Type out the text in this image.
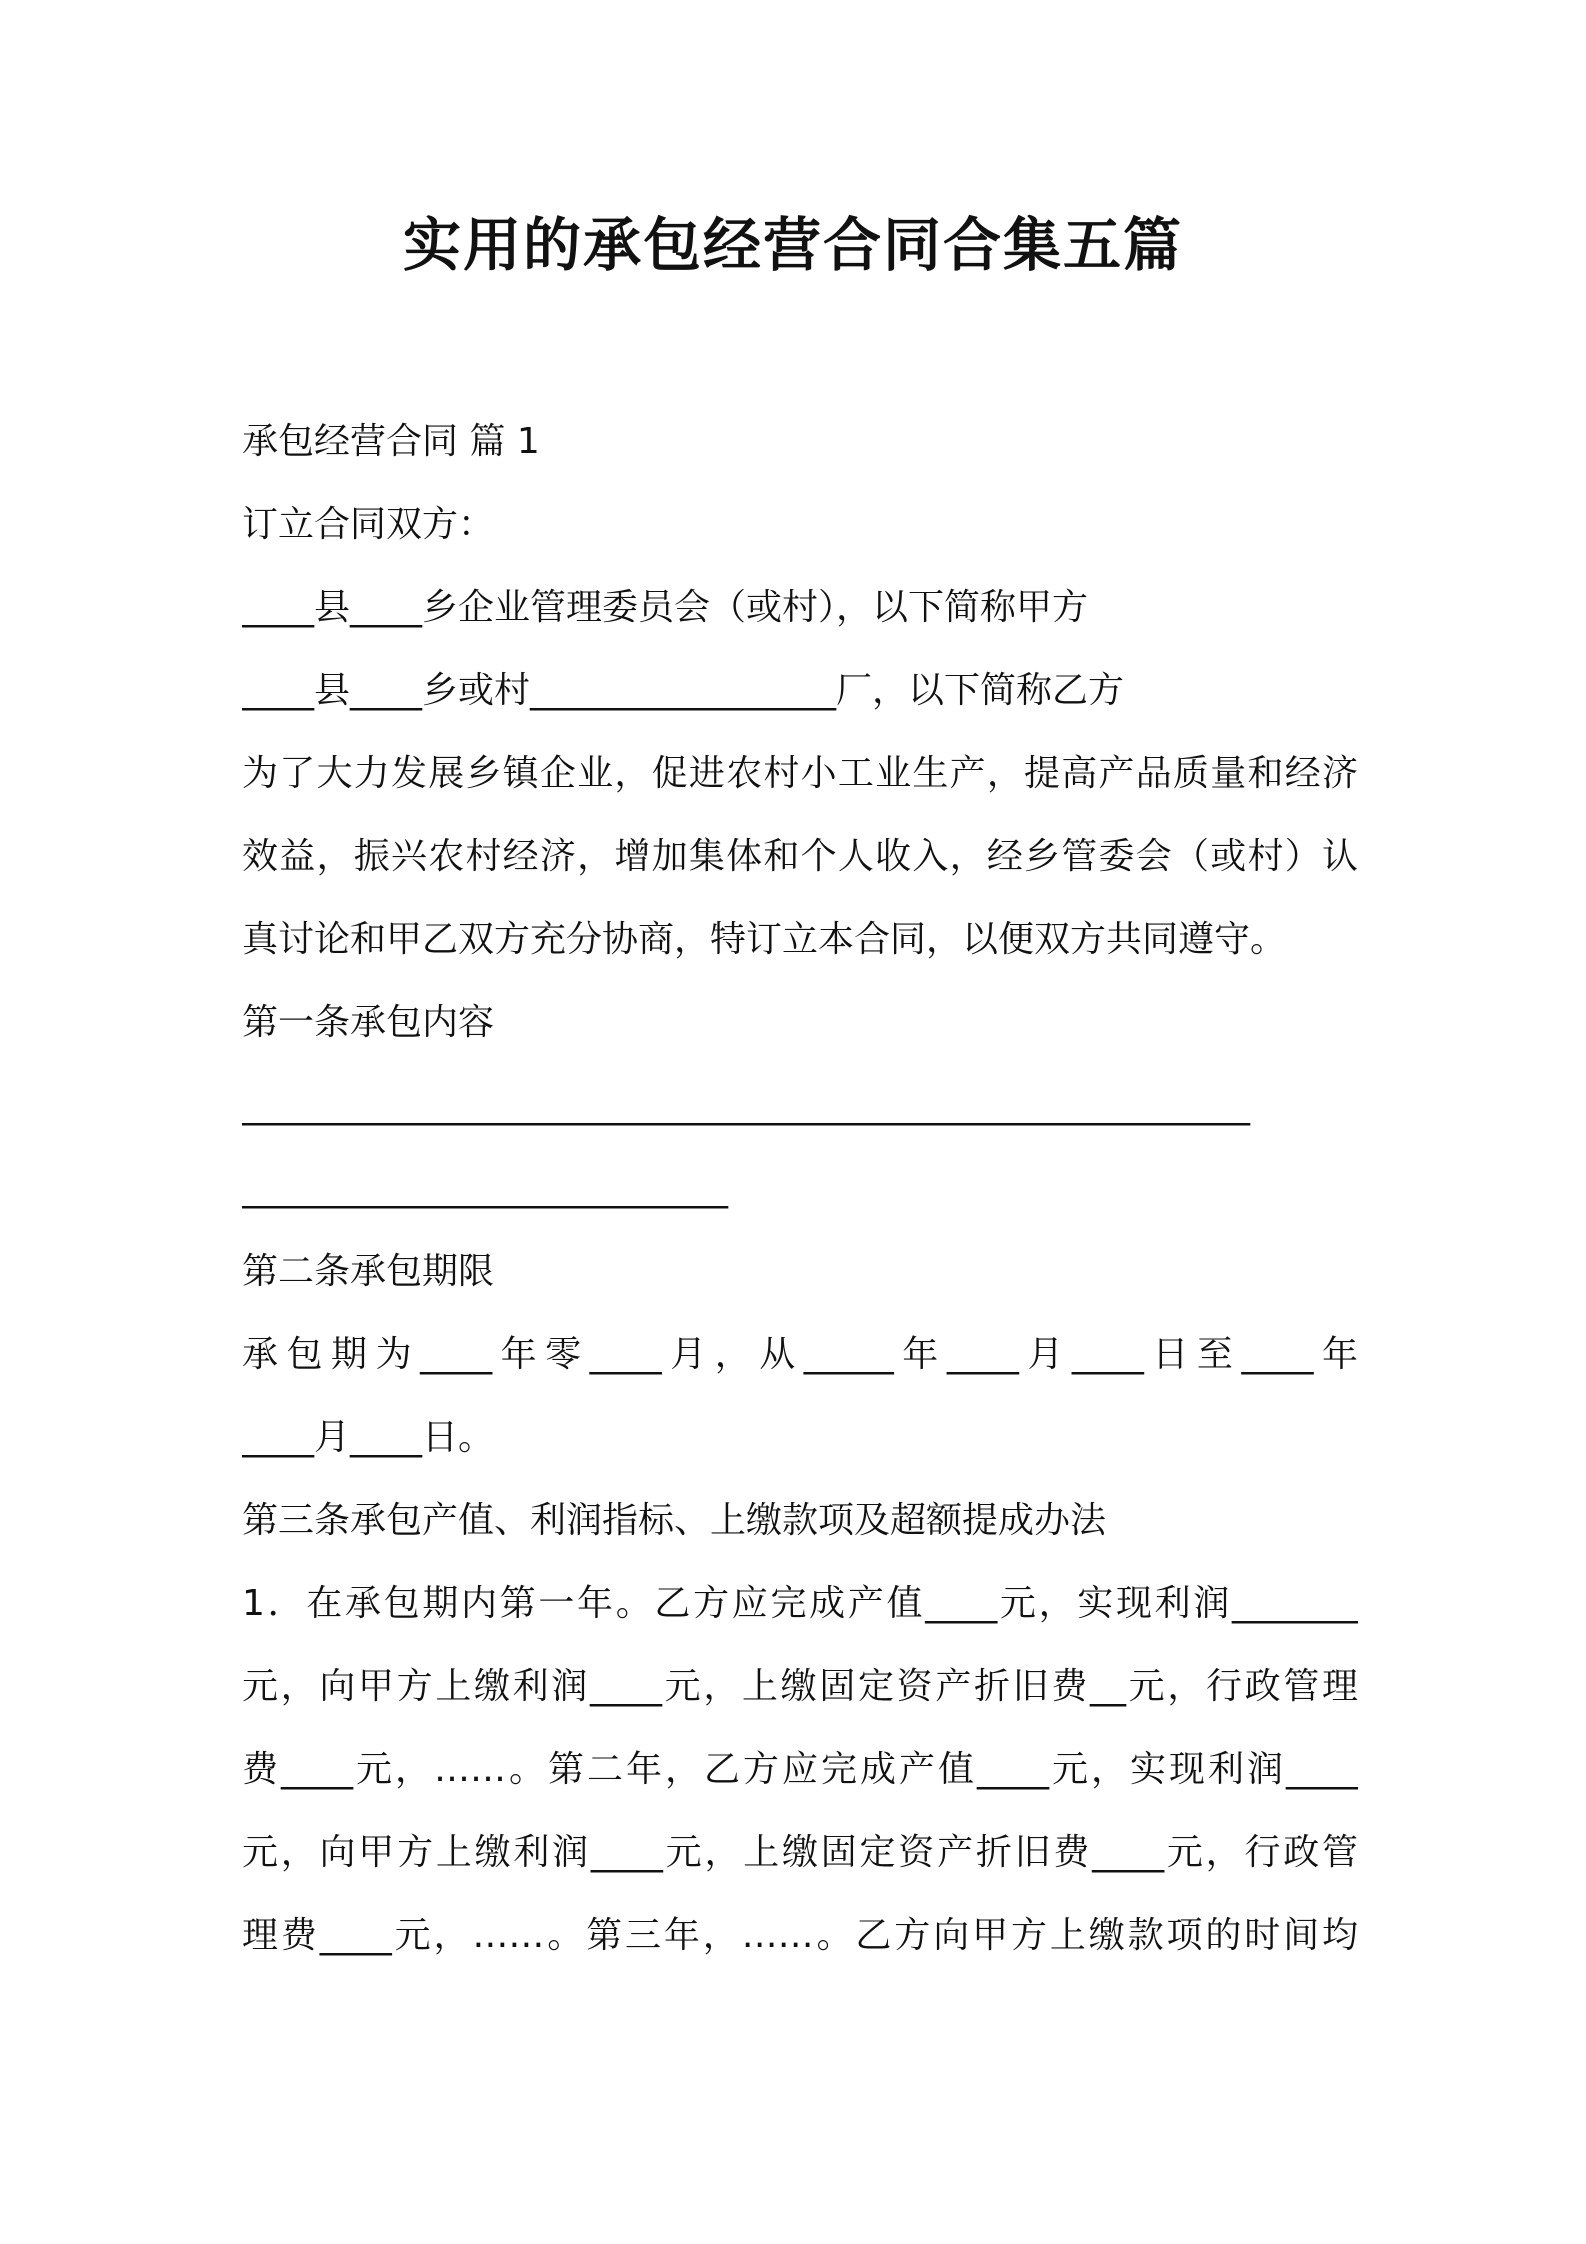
实用的承包经营合同合集五篇
承包经营合同 篇 1
订立合同双方：
____县____乡企业管理委员会（或村），以下简称甲方
____县____乡或村_________________厂，以下简称乙方
为了大力发展乡镇企业，促进农村小工业生产，提高产品质量和经济
效益，振兴农村经济，增加集体和个人收入，经乡管委会（或村）认
真讨论和甲乙双方充分协商，特订立本合同，以便双方共同遵守。
第一条承包内容
________________________________________________________
___________________________
第二条承包期限
承包期为____年零____月，从_____年____月____日至____年
____月____日。
第三条承包产值、利润指标、上缴款项及超额提成办法
1．在承包期内第一年。乙方应完成产值____元，实现利润_______
元，向甲方上缴利润____元，上缴固定资产折旧费__元，行政管理
费____元，……。第二年，乙方应完成产值____元，实现利润____
元，向甲方上缴利润____元，上缴固定资产折旧费____元，行政管
理费____元，……。第三年，……。乙方向甲方上缴款项的时间均
